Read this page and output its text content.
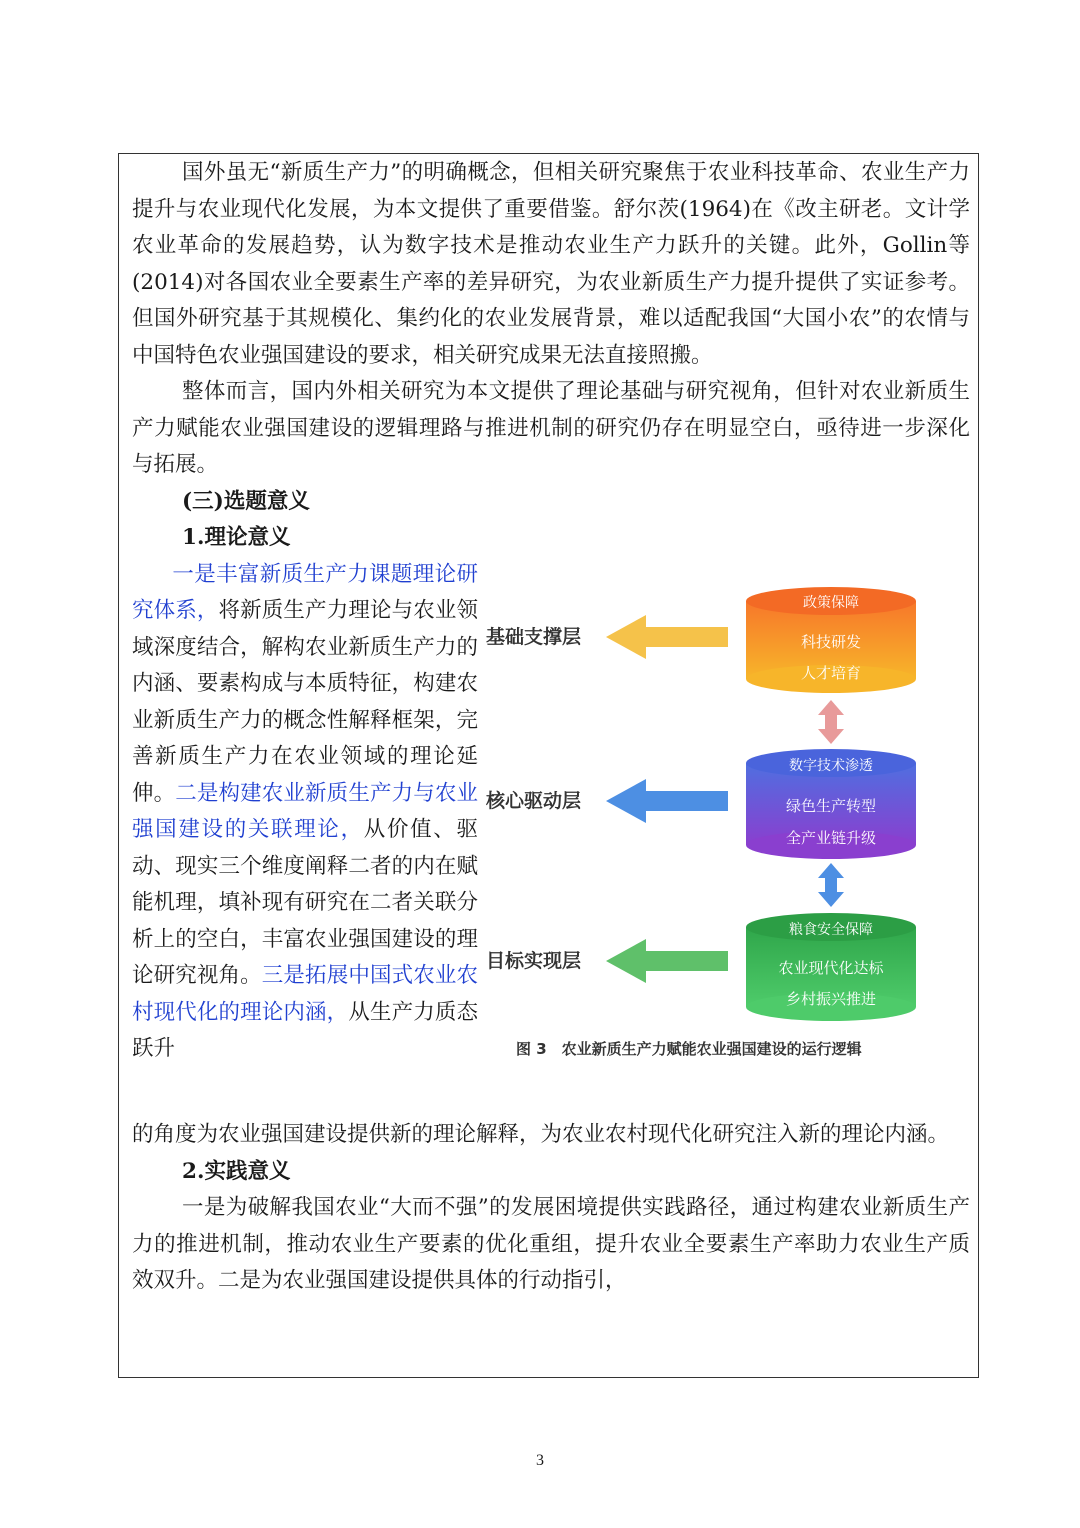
国外虽无“新质生产力”的明确概念，但相关研究聚焦于农业科技革命、农业生产力提升与农业现代化发展，为本文提供了重要借鉴。舒尔茨(1964)在《改主研老。文计学农业革命的发展趋势，认为数字技术是推动农业生产力跃升的关键。此外，Gollin等(2014)对各国农业全要素生产率的差异研究，为农业新质生产力提升提供了实证参考。但国外研究基于其规模化、集约化的农业发展背景，难以适配我国“大国小农”的农情与中国特色农业强国建设的要求，相关研究成果无法直接照搬。

整体而言，国内外相关研究为本文提供了理论基础与研究视角，但针对农业新质生产力赋能农业强国建设的逻辑理路与推进机制的研究仍存在明显空白，亟待进一步深化与拓展。

(三)选题意义

1.理论意义

一是丰富新质生产力课题理论研究体系，将新质生产力理论与农业领域深度结合，解构农业新质生产力的内涵、要素构成与本质特征，构建农业新质生产力的概念性解释框架，完善新质生产力在农业领域的理论延伸。二是构建农业新质生产力与农业强国建设的关联理论，从价值、驱动、现实三个维度阐释二者的内在赋能机理，填补现有研究在二者关联分析上的空白，丰富农业强国建设的理论研究视角。三是拓展中国式农业农村现代化的理论内涵，从生产力质态跃升
基础支撑层
政策保障
科技研发
人才培育
核心驱动层
数字技术渗透
绿色生产转型
全产业链升级
目标实现层
粮食安全保障
农业现代化达标
乡村振兴推进
图 3　农业新质生产力赋能农业强国建设的运行逻辑

的角度为农业强国建设提供新的理论解释，为农业农村现代化研究注入新的理论内涵。

2.实践意义

一是为破解我国农业“大而不强”的发展困境提供实践路径，通过构建农业新质生产力的推进机制，推动农业生产要素的优化重组，提升农业全要素生产率助力农业生产质效双升。二是为农业强国建设提供具体的行动指引，

3
